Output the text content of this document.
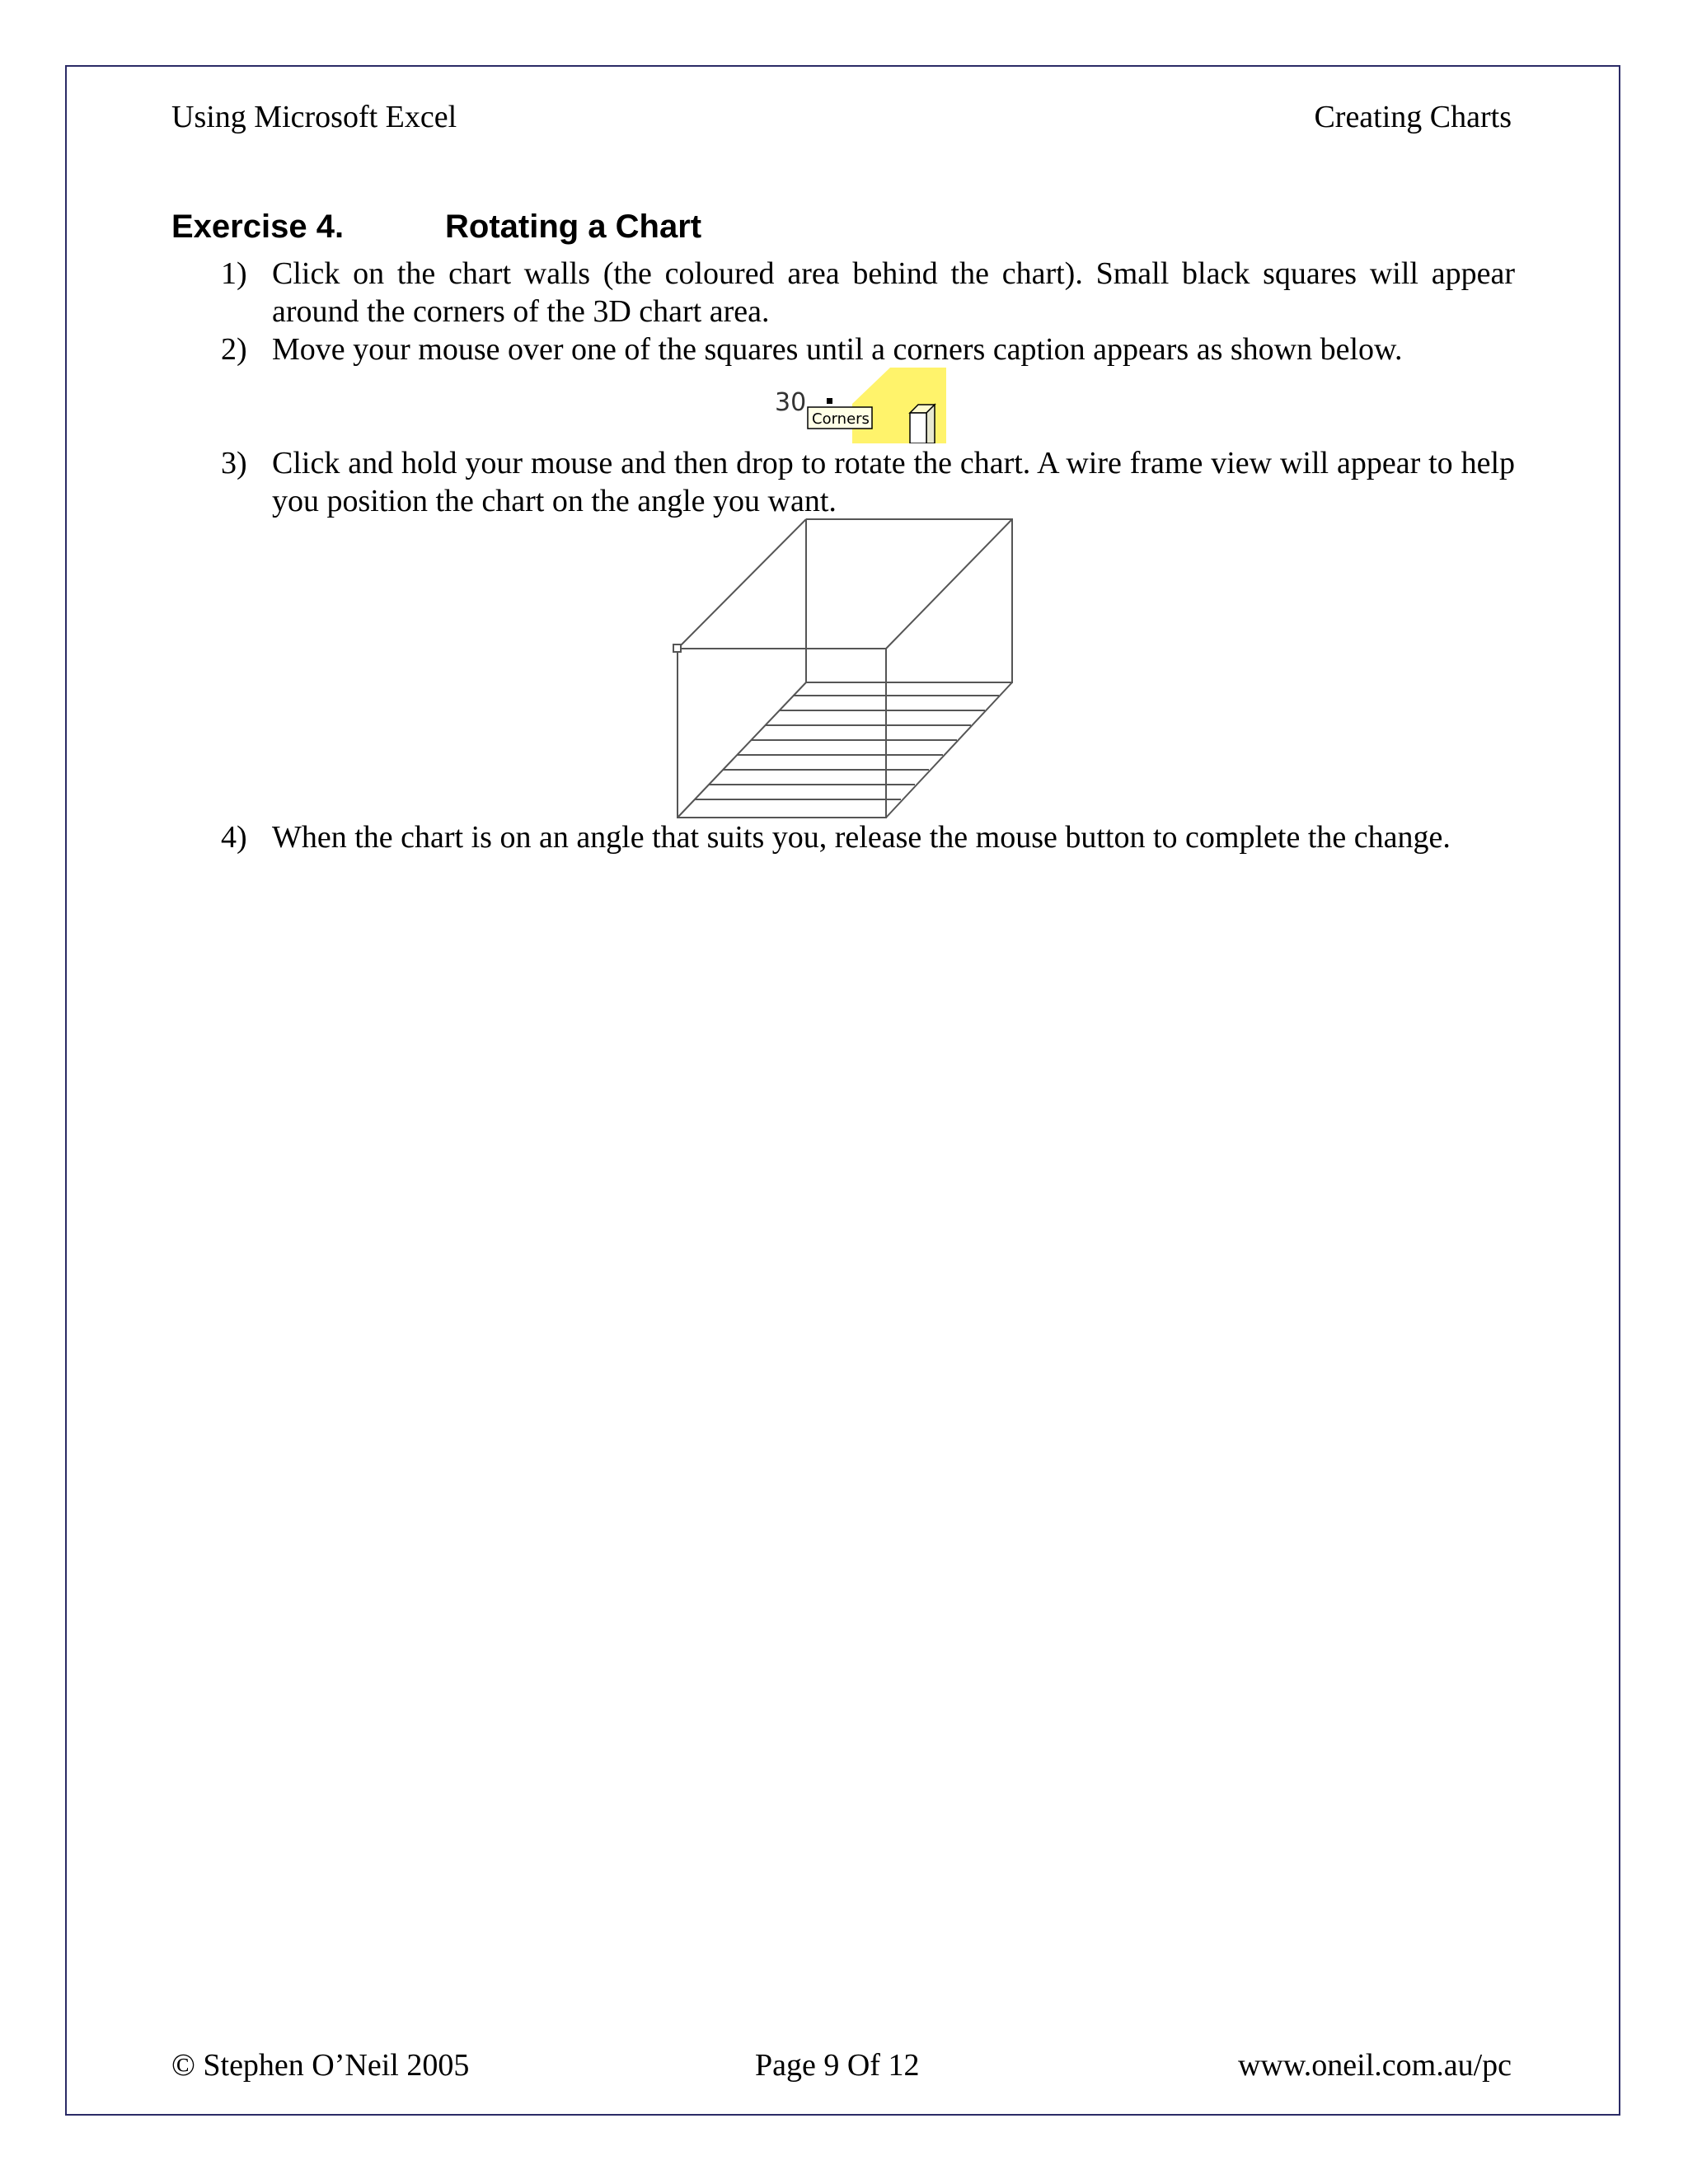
Using Microsoft Excel	Creating Charts
Exercise 4.	Rotating a Chart
1) Click on the chart walls (the coloured area behind the chart). Small black squares will appear around the corners of the 3D chart area.
2) Move your mouse over one of the squares until a corners caption appears as shown below.
30
Corners
3) Click and hold your mouse and then drop to rotate the chart. A wire frame view will appear to help you position the chart on the angle you want.
4) When the chart is on an angle that suits you, release the mouse button to complete the change.
© Stephen O’Neil 2005	Page 9 Of 12	www.oneil.com.au/pc
